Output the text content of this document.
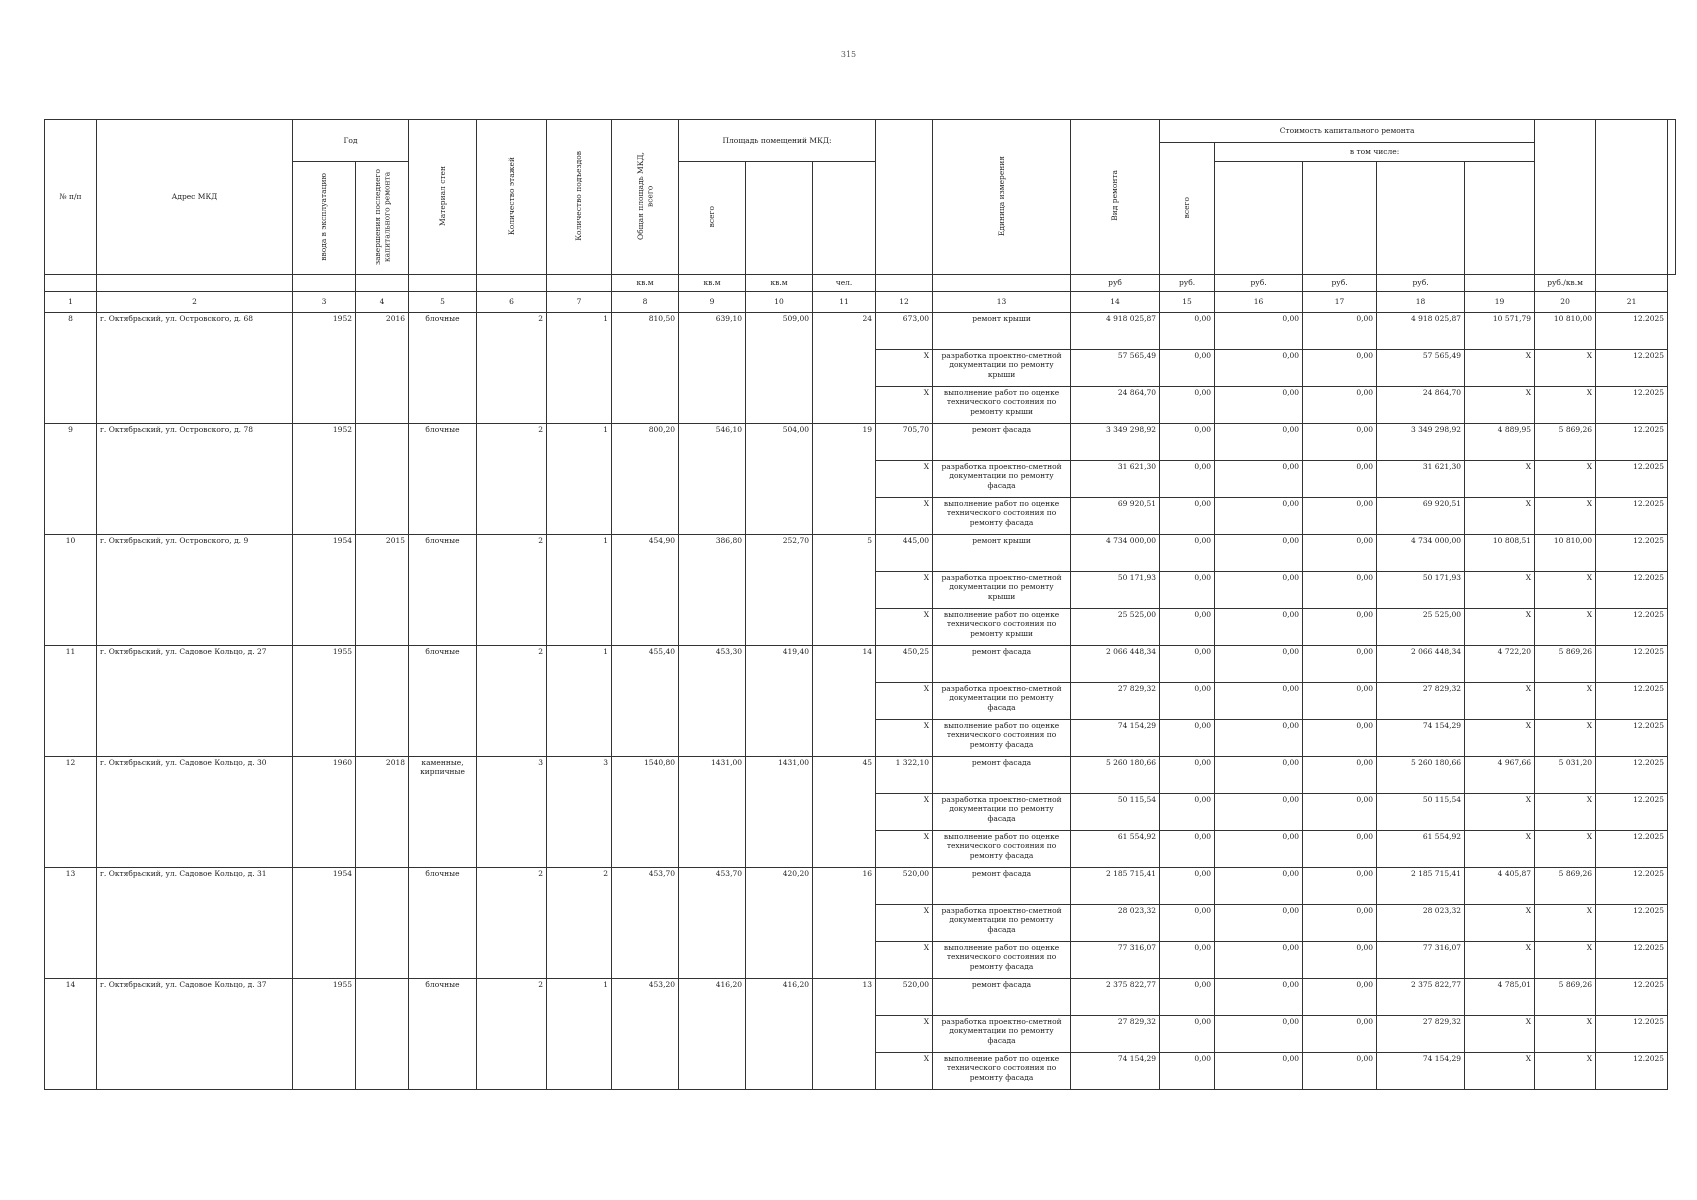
315
№ п/п	Адрес МКД	Год		Материал стен	Количество этажей	Количество подъездов	Общая площадь МКД, всего	Площадь помещений МКД:				Единица измерения	Вид ремонта	Стоимость капитального ремонта							
														всего	в том числе:						
		ввода в эксплуатацию	завершения последнего капитального ремонта					всего													
							кв.м	кв.м	кв.м	чел.			руб	руб.	руб.	руб.	руб.		руб./кв.м		
1	2	3	4	5	6	7	8	9	10	11	12	13	14	15	16	17	18	19	20	21	
8	г. Октябрьский, ул. Островского, д. 68	1952	2016	блочные	2	1	810,50	639,10	509,00	24	673,00	ремонт крыши	4 918 025,87	0,00	0,00	0,00	4 918 025,87	10 571,79	10 810,00	12.2025	
											X	разработка проектно-сметной документации по ремонту крыши	57 565,49	0,00	0,00	0,00	57 565,49	X	X	12.2025	
											X	выполнение работ по оценке технического состояния по ремонту крыши	24 864,70	0,00	0,00	0,00	24 864,70	X	X	12.2025	
9	г. Октябрьский, ул. Островского, д. 78	1952		блочные	2	1	800,20	546,10	504,00	19	705,70	ремонт фасада	3 349 298,92	0,00	0,00	0,00	3 349 298,92	4 889,95	5 869,26	12.2025	
											X	разработка проектно-сметной документации по ремонту фасада	31 621,30	0,00	0,00	0,00	31 621,30	X	X	12.2025	
											X	выполнение работ по оценке технического состояния по ремонту фасада	69 920,51	0,00	0,00	0,00	69 920,51	X	X	12.2025	
10	г. Октябрьский, ул. Островского, д. 9	1954	2015	блочные	2	1	454,90	386,80	252,70	5	445,00	ремонт крыши	4 734 000,00	0,00	0,00	0,00	4 734 000,00	10 808,51	10 810,00	12.2025	
											X	разработка проектно-сметной документации по ремонту крыши	50 171,93	0,00	0,00	0,00	50 171,93	X	X	12.2025	
											X	выполнение работ по оценке технического состояния по ремонту крыши	25 525,00	0,00	0,00	0,00	25 525,00	X	X	12.2025	
11	г. Октябрьский, ул. Садовое Кольцо, д. 27	1955		блочные	2	1	455,40	453,30	419,40	14	450,25	ремонт фасада	2 066 448,34	0,00	0,00	0,00	2 066 448,34	4 722,20	5 869,26	12.2025	
											X	разработка проектно-сметной документации по ремонту фасада	27 829,32	0,00	0,00	0,00	27 829,32	X	X	12.2025	
											X	выполнение работ по оценке технического состояния по ремонту фасада	74 154,29	0,00	0,00	0,00	74 154,29	X	X	12.2025	
12	г. Октябрьский, ул. Садовое Кольцо, д. 30	1960	2018	каменные, кирпичные	3	3	1540,80	1431,00	1431,00	45	1 322,10	ремонт фасада	5 260 180,66	0,00	0,00	0,00	5 260 180,66	4 967,66	5 031,20	12.2025	
											X	разработка проектно-сметной документации по ремонту фасада	50 115,54	0,00	0,00	0,00	50 115,54	X	X	12.2025	
											X	выполнение работ по оценке технического состояния по ремонту фасада	61 554,92	0,00	0,00	0,00	61 554,92	X	X	12.2025	
13	г. Октябрьский, ул. Садовое Кольцо, д. 31	1954		блочные	2	2	453,70	453,70	420,20	16	520,00	ремонт фасада	2 185 715,41	0,00	0,00	0,00	2 185 715,41	4 405,87	5 869,26	12.2025	
											X	разработка проектно-сметной документации по ремонту фасада	28 023,32	0,00	0,00	0,00	28 023,32	X	X	12.2025	
											X	выполнение работ по оценке технического состояния по ремонту фасада	77 316,07	0,00	0,00	0,00	77 316,07	X	X	12.2025	
14	г. Октябрьский, ул. Садовое Кольцо, д. 37	1955		блочные	2	1	453,20	416,20	416,20	13	520,00	ремонт фасада	2 375 822,77	0,00	0,00	0,00	2 375 822,77	4 785,01	5 869,26	12.2025	
											X	разработка проектно-сметной документации по ремонту фасада	27 829,32	0,00	0,00	0,00	27 829,32	X	X	12.2025	
											X	выполнение работ по оценке технического состояния по ремонту фасада	74 154,29	0,00	0,00	0,00	74 154,29	X	X	12.2025	
